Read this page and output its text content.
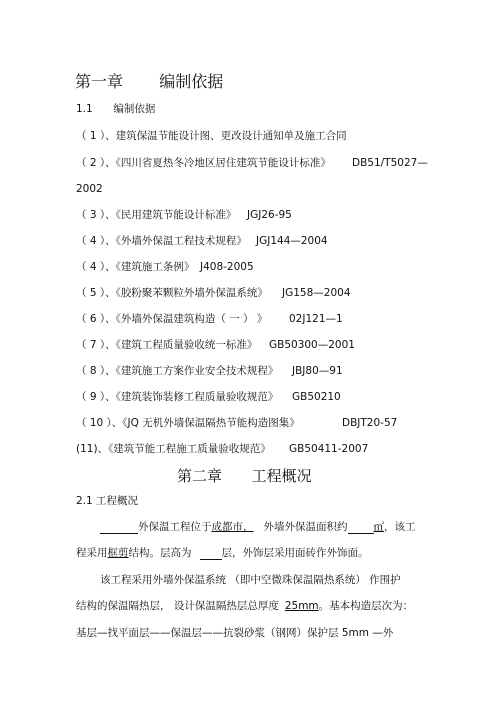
第一章 编制依据
1.1 编制依据
（ 1 ）、建筑保温节能设计图、更改设计通知单及施工合同
（ 2 ）、《四川省夏热冬冷地区居住建筑节能设计标准》 DB51/T5027—
2002
（ 3 ）、《民用建筑节能设计标准》 JGJ26-95
（ 4 ）、《外墙外保温工程技术规程》 JGJ144—2004
（ 4 ）、《建筑施工条例》 J408-2005
（ 5 ）、《胶粉聚苯颗粒外墙外保温系统》 JG158—2004
（ 6 ）、《外墙外保温建筑构造（ 一 ） 》 02J121—1
（ 7 ）、《建筑工程质量验收统一标准》 GB50300—2001
（ 8 ）、《建筑施工方案作业安全技术规程》 JBJ80—91
（ 9 ）、《建筑装饰装修工程质量验收规范》 GB50210
（ 10 ）、《JQ 无机外墙保温隔热节能构造图集》	DBJT20-57
(11)、《建筑节能工程施工质量验收规范》 GB50411-2007
第二章 工程概况
2.1 工程概况
外保温工程位于成都市， 外墙外保温面积约 ㎡，该工
程采用框剪结构。层高为	层，外饰层采用面砖作外饰面。
该工程采用外墙外保温系统 （即中空微珠保温隔热系统） 作围护
结构的保温隔热层， 设计保温隔热层总厚度 25mm。基本构造层次为：
基层—找平面层——保温层——抗裂砂浆（钢网）保护层 5mm —外
